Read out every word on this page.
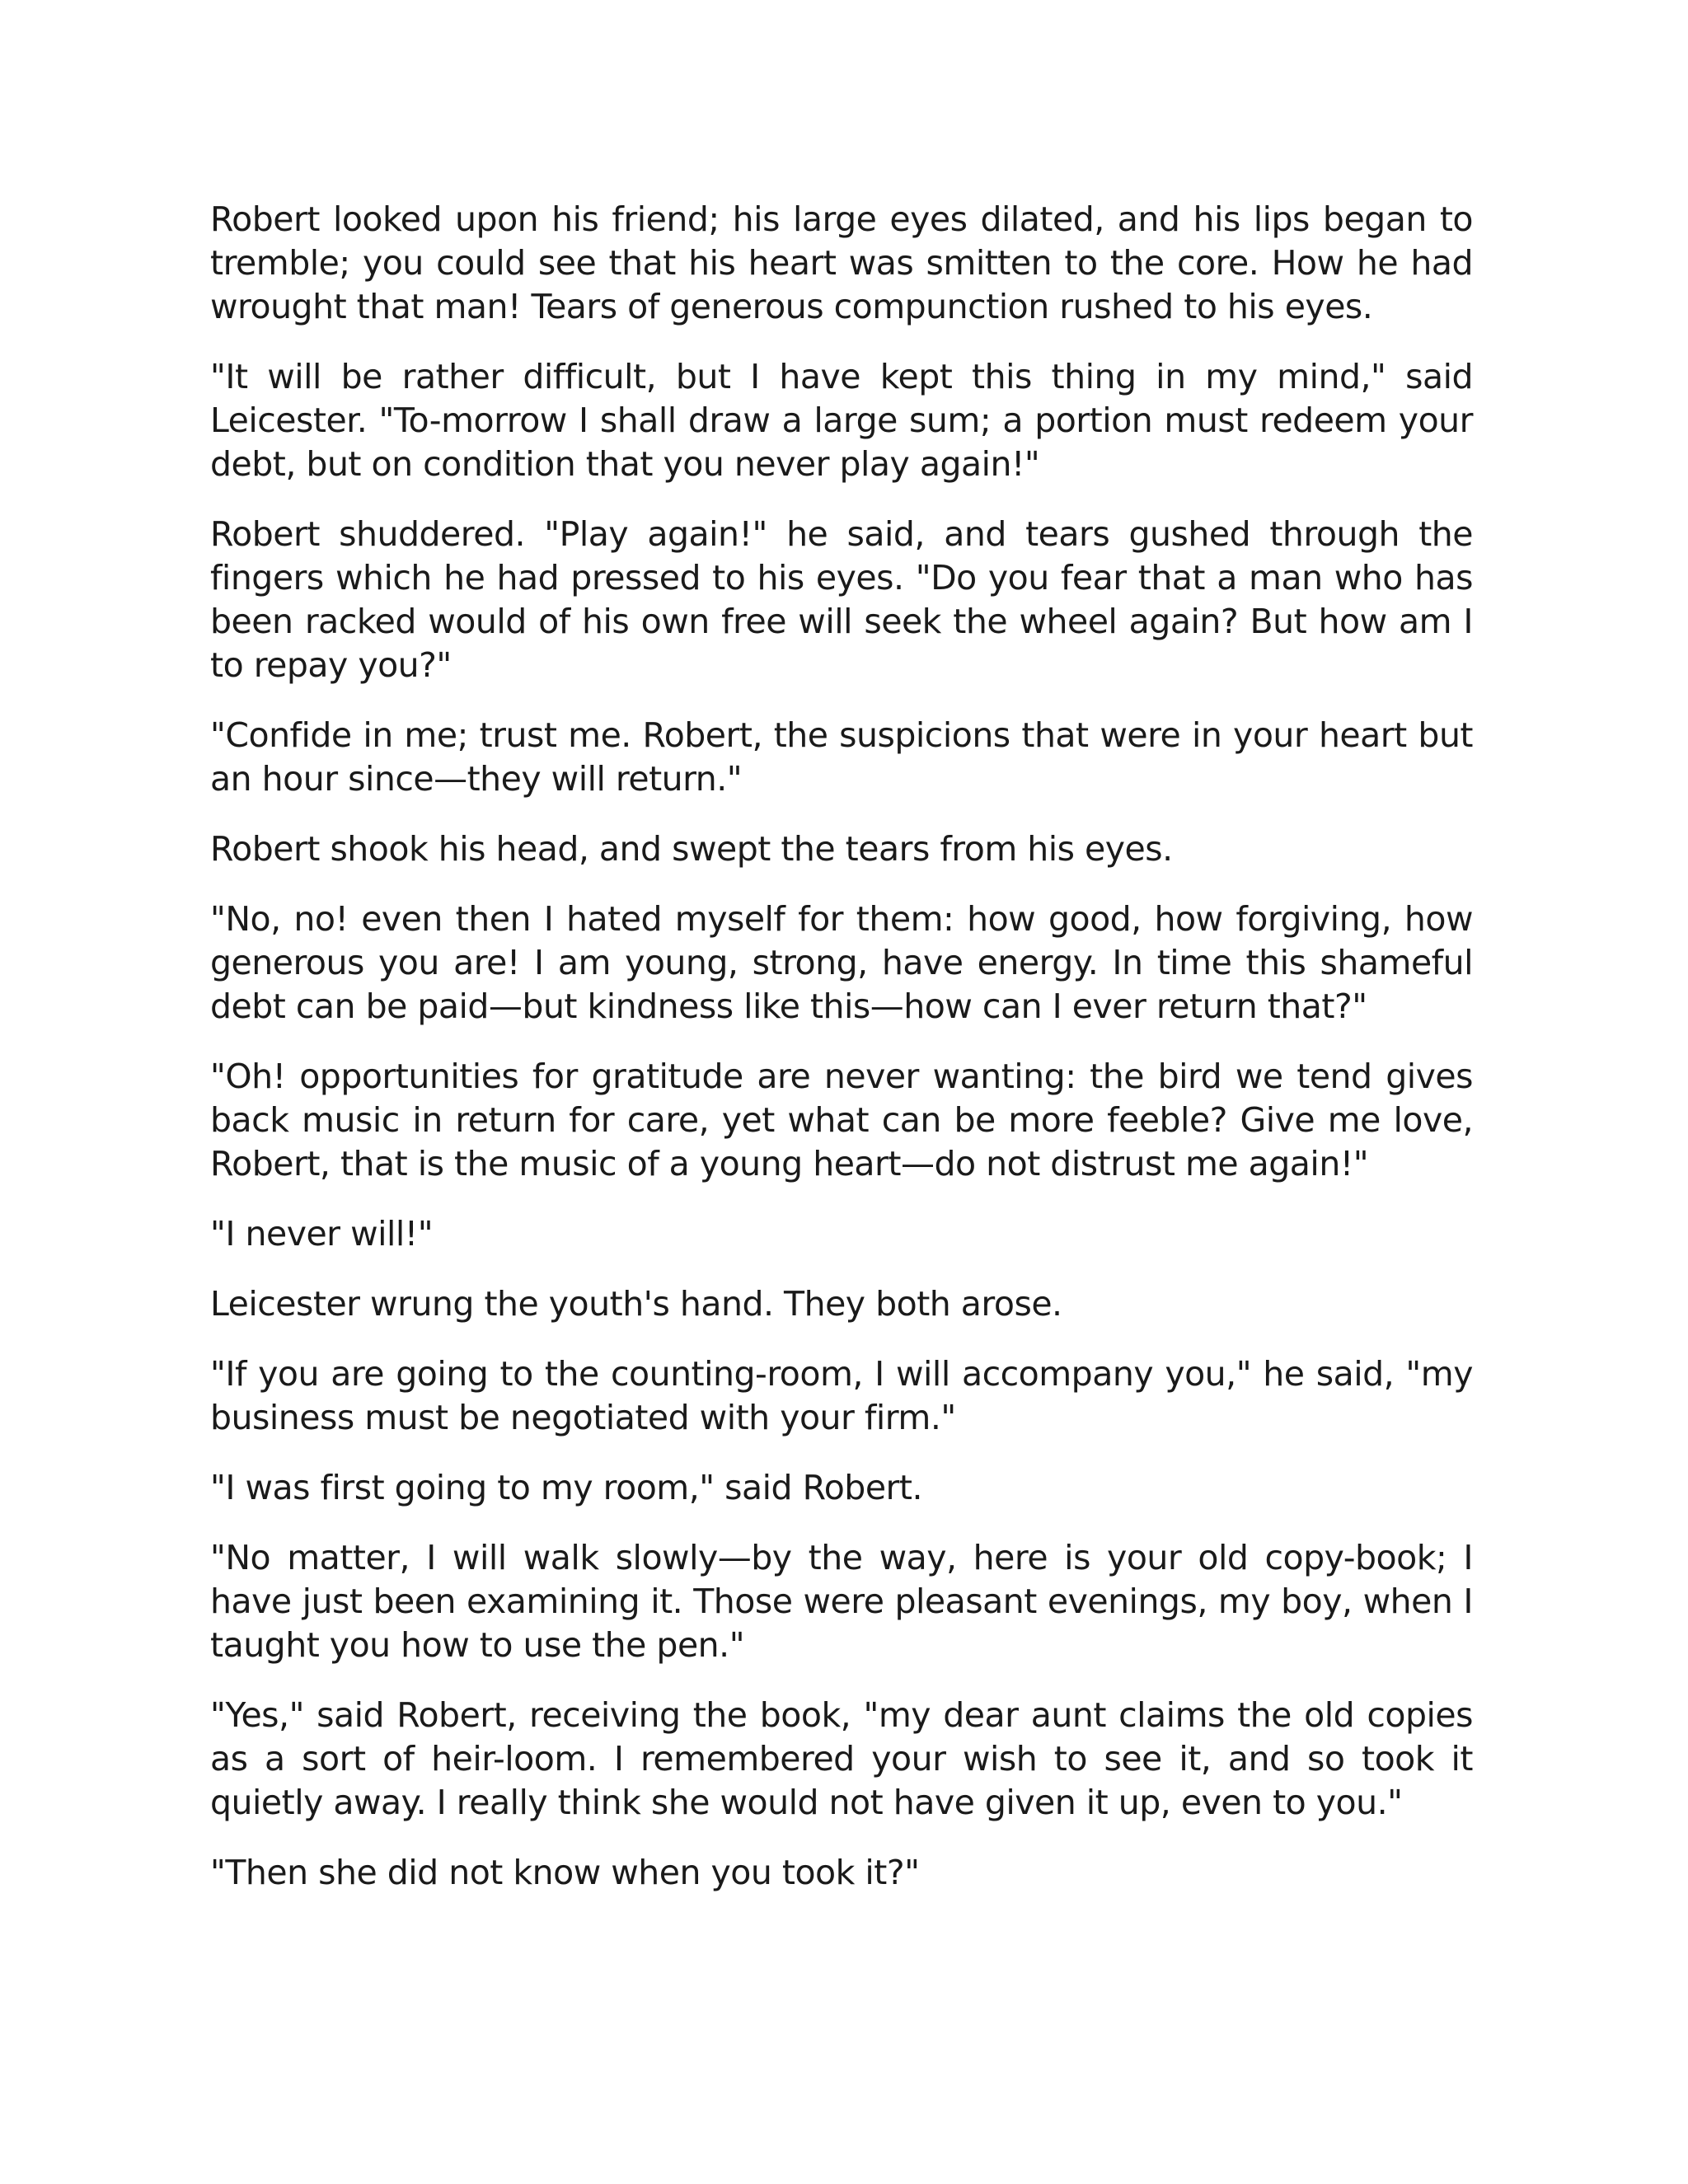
Robert looked upon his friend; his large eyes dilated, and his lips began to tremble; you could see that his heart was smitten to the core. How he had wrought that man! Tears of generous compunction rushed to his eyes.

"It will be rather difficult, but I have kept this thing in my mind," said Leicester. "To-morrow I shall draw a large sum; a portion must redeem your debt, but on condition that you never play again!"

Robert shuddered. "Play again!" he said, and tears gushed through the fingers which he had pressed to his eyes. "Do you fear that a man who has been racked would of his own free will seek the wheel again? But how am I to repay you?"

"Confide in me; trust me. Robert, the suspicions that were in your heart but an hour since—they will return."

Robert shook his head, and swept the tears from his eyes.

"No, no! even then I hated myself for them: how good, how forgiving, how generous you are! I am young, strong, have energy. In time this shameful debt can be paid—but kindness like this—how can I ever return that?"

"Oh! opportunities for gratitude are never wanting: the bird we tend gives back music in return for care, yet what can be more feeble? Give me love, Robert, that is the music of a young heart—do not distrust me again!"

"I never will!"

Leicester wrung the youth's hand. They both arose.

"If you are going to the counting-room, I will accompany you," he said, "my business must be negotiated with your firm."

"I was first going to my room," said Robert.

"No matter, I will walk slowly—by the way, here is your old copy-book; I have just been examining it. Those were pleasant evenings, my boy, when I taught you how to use the pen."

"Yes," said Robert, receiving the book, "my dear aunt claims the old copies as a sort of heir-loom. I remembered your wish to see it, and so took it quietly away. I really think she would not have given it up, even to you."

"Then she did not know when you took it?"
